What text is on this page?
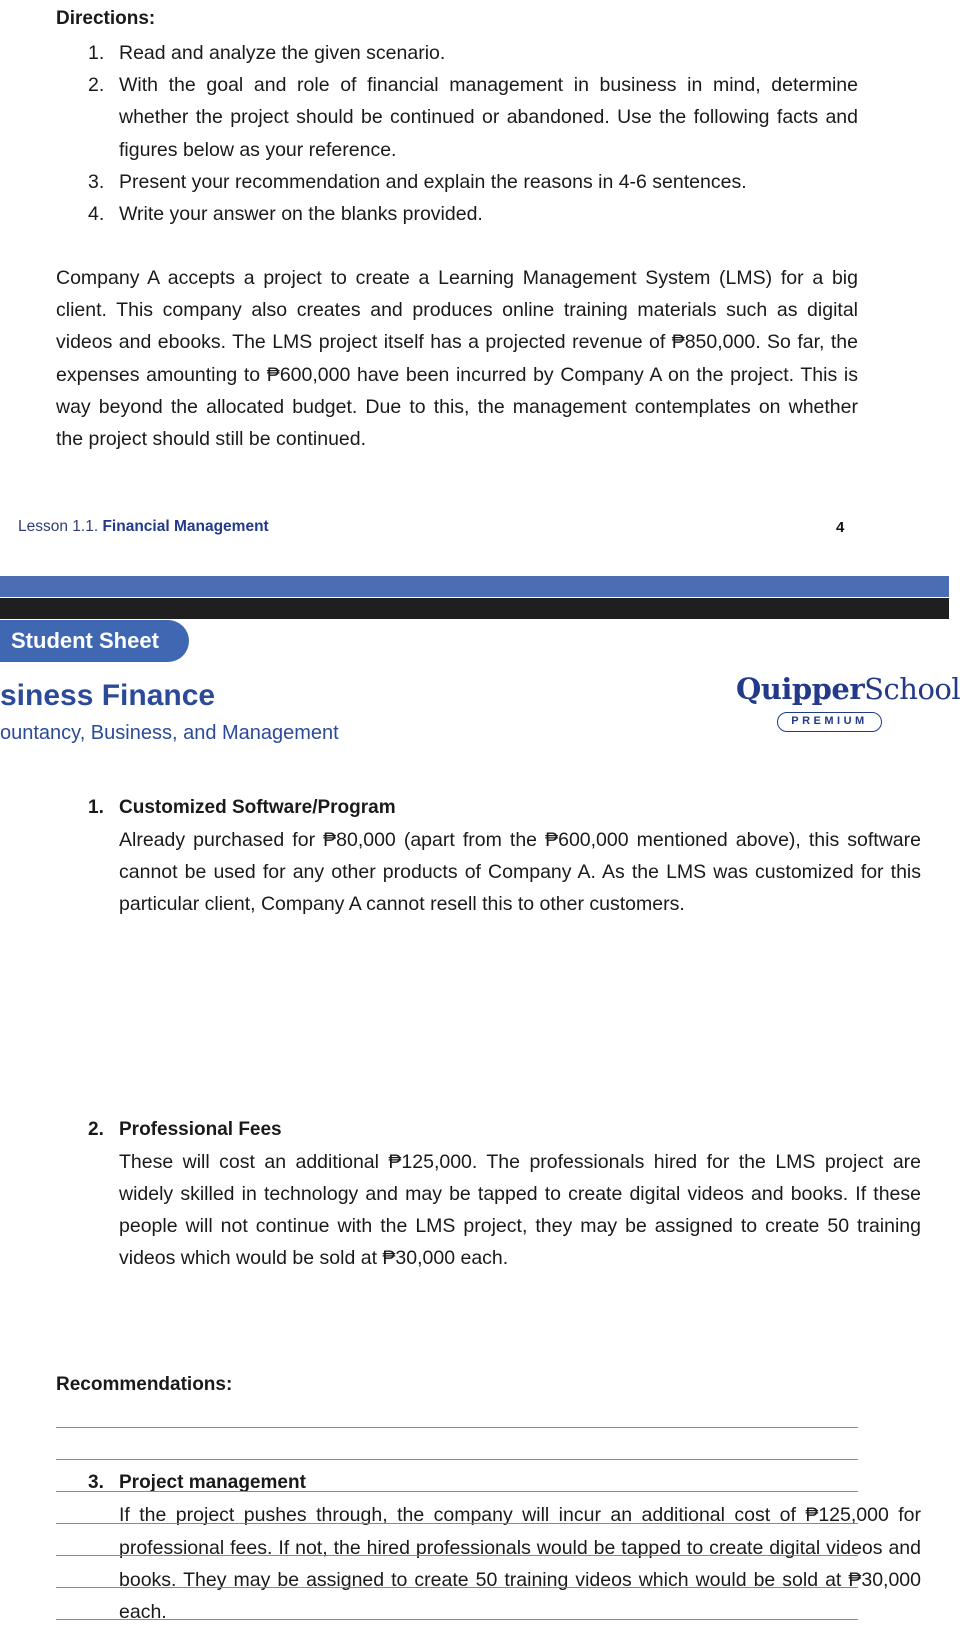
Directions:
1. Read and analyze the given scenario.
2. With the goal and role of financial management in business in mind, determine whether the project should be continued or abandoned. Use the following facts and figures below as your reference.
3. Present your recommendation and explain the reasons in 4-6 sentences.
4. Write your answer on the blanks provided.

Company A accepts a project to create a Learning Management System (LMS) for a big client. This company also creates and produces online training materials such as digital videos and ebooks. The LMS project itself has a projected revenue of ₱850,000. So far, the expenses amounting to ₱600,000 have been incurred by Company A on the project. This is way beyond the allocated budget. Due to this, the management contemplates on whether the project should still be continued.

Lesson 1.1. Financial Management	4
Student Sheet
siness Finance
ountancy, Business, and Management
QuipperSchool
PREMIUM
1. Customized Software/Program
Already purchased for ₱80,000 (apart from the ₱600,000 mentioned above), this software cannot be used for any other products of Company A. As the LMS was customized for this particular client, Company A cannot resell this to other customers.
2. Professional Fees
These will cost an additional ₱125,000. The professionals hired for the LMS project are widely skilled in technology and may be tapped to create digital videos and books. If these people will not continue with the LMS project, they may be assigned to create 50 training videos which would be sold at ₱30,000 each.
3. Project management
If the project pushes through, the company will incur an additional cost of ₱125,000 for professional fees. If not, the hired professionals would be tapped to create digital videos and books. They may be assigned to create 50 training videos which would be sold at ₱30,000 each.
Recommendations:
